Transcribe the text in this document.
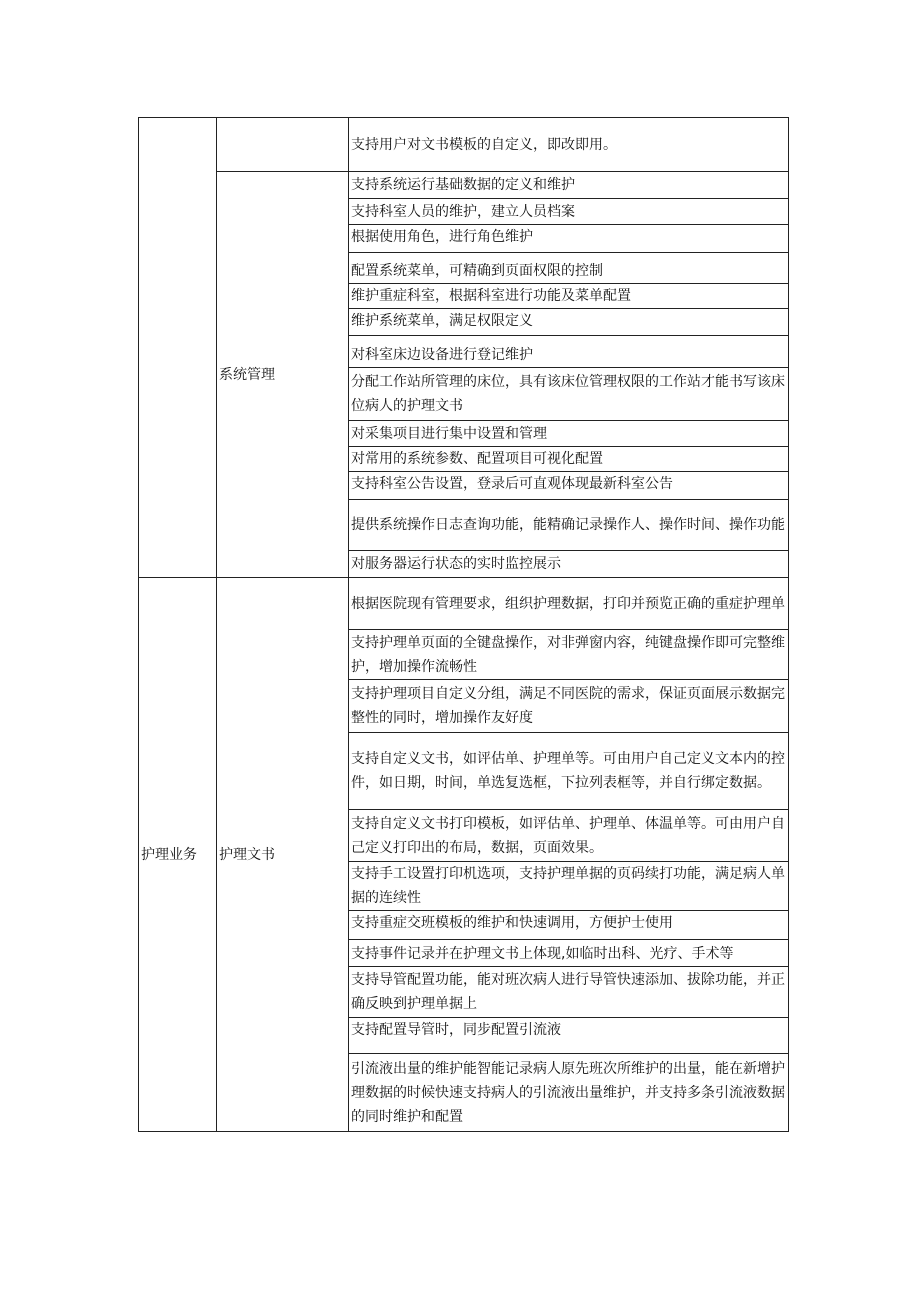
		支持用户对文书模板的自定义，即改即用。
	系统管理	支持系统运行基础数据的定义和维护
		支持科室人员的维护，建立人员档案
		根据使用角色，进行角色维护
		配置系统菜单，可精确到页面权限的控制
		维护重症科室，根据科室进行功能及菜单配置
		维护系统菜单，满足权限定义
		对科室床边设备进行登记维护
		分配工作站所管理的床位，具有该床位管理权限的工作站才能书写该床位病人的护理文书
		对采集项目进行集中设置和管理
		对常用的系统参数、配置项目可视化配置
		支持科室公告设置，登录后可直观体现最新科室公告
		提供系统操作日志查询功能，能精确记录操作人、操作时间、操作功能
		对服务器运行状态的实时监控展示
护理业务	护理文书	根据医院现有管理要求，组织护理数据，打印并预览正确的重症护理单
		支持护理单页面的全键盘操作，对非弹窗内容，纯键盘操作即可完整维护，增加操作流畅性
		支持护理项目自定义分组，满足不同医院的需求，保证页面展示数据完整性的同时，增加操作友好度
		支持自定义文书，如评估单、护理单等。可由用户自己定义文本内的控件，如日期，时间，单选复选框，下拉列表框等，并自行绑定数据。
		支持自定义文书打印模板，如评估单、护理单、体温单等。可由用户自己定义打印出的布局，数据，页面效果。
		支持手工设置打印机选项，支持护理单据的页码续打功能，满足病人单据的连续性
		支持重症交班模板的维护和快速调用，方便护士使用
		支持事件记录并在护理文书上体现,如临时出科、光疗、手术等
		支持导管配置功能，能对班次病人进行导管快速添加、拔除功能，并正确反映到护理单据上
		支持配置导管时，同步配置引流液
		引流液出量的维护能智能记录病人原先班次所维护的出量，能在新增护理数据的时候快速支持病人的引流液出量维护，并支持多条引流液数据的同时维护和配置
